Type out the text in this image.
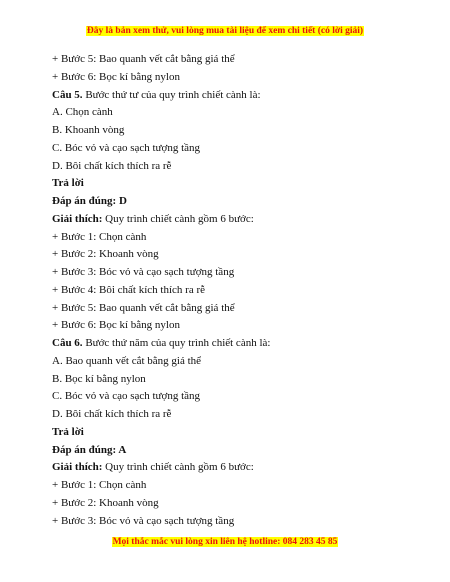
Đây là bản xem thử, vui lòng mua tài liệu để xem chi tiết (có lời giải)
+ Bước 5: Bao quanh vết cắt bằng giá thể
+ Bước 6: Bọc kí bằng nylon
Câu 5. Bước thứ tư của quy trình chiết cành là:
A. Chọn cành
B. Khoanh vòng
C. Bóc vỏ và cạo sạch tượng tầng
D. Bôi chất kích thích ra rễ
Trả lời
Đáp án đúng: D
Giải thích: Quy trình chiết cành gồm 6 bước:
+ Bước 1: Chọn cành
+ Bước 2: Khoanh vòng
+ Bước 3: Bóc vỏ và cạo sạch tượng tầng
+ Bước 4: Bôi chất kích thích ra rễ
+ Bước 5: Bao quanh vết cắt bằng giá thể
+ Bước 6: Bọc kí bằng nylon
Câu 6. Bước thứ năm của quy trình chiết cành là:
A. Bao quanh vết cắt bằng giá thể
B. Bọc kí bằng nylon
C. Bóc vỏ và cạo sạch tượng tầng
D. Bôi chất kích thích ra rễ
Trả lời
Đáp án đúng: A
Giải thích: Quy trình chiết cành gồm 6 bước:
+ Bước 1: Chọn cành
+ Bước 2: Khoanh vòng
+ Bước 3: Bóc vỏ và cạo sạch tượng tầng
Mọi thắc mắc vui lòng xin liên hệ hotline: 084 283 45 85
